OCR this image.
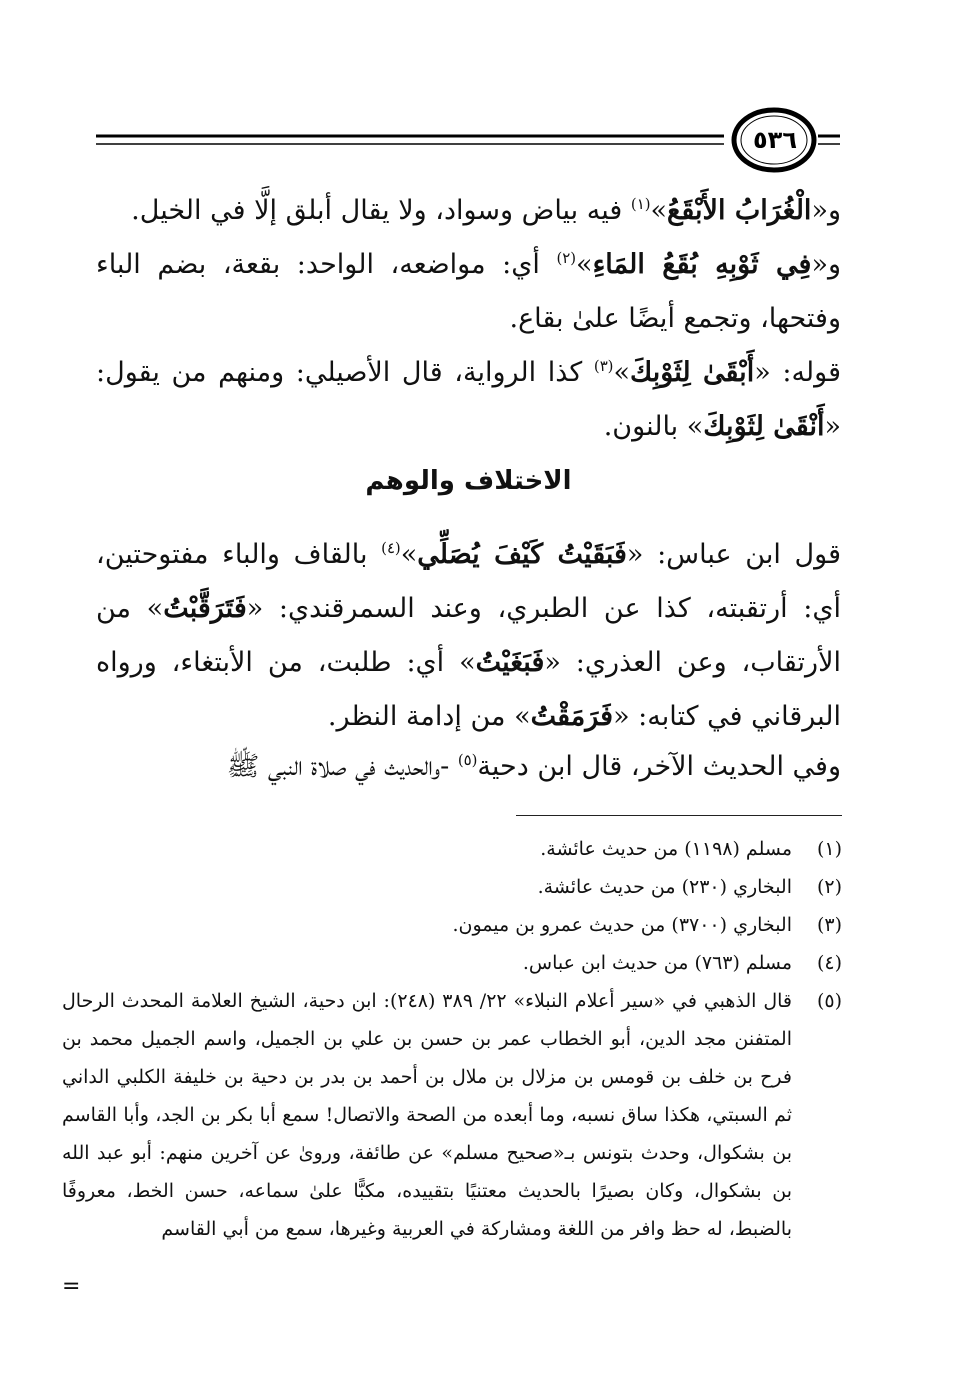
٥٣٦

و«الْغُرَابُ الأَبْقَعُ»$^{(١)}$ فيه بياض وسواد، ولا يقال أبلق إلَّا في الخيل.

و«فِي ثَوْبِهِ بُقَعُ المَاءِ»$^{(٢)}$ أي: مواضعه، الواحد: بقعة، بضم الباء وفتحها، وتجمع أيضًا علىٰ بقاع.

قوله: «أَبْقَىٰ لِثَوْبِكَ»$^{(٣)}$ كذا الرواية، قال الأصيلي: ومنهم من يقول: «أَنْقَىٰ لِثَوْبِكَ» بالنون.

الاختلاف والوهم

قول ابن عباس: «فَبَقَيْتُ كَيْفَ يُصَلِّي»$^{(٤)}$ بالقاف والباء مفتوحتين، أي: أرتقبته، كذا عن الطبري، وعند السمرقندي: «فَتَرَقَّبْتُ» من الأرتقاب، وعن العذري: «فَبَغَيْتُ» أي: طلبت، من الأبتغاء، ورواه البرقاني في كتابه: «فَرَمَقْتُ» من إدامة النظر.

وفي الحديث الآخر، قال ابن دحية$^{(٥)}$ -والحديث في صلاة النبي ﷺ

(١)
مسلم (١١٩٨) من حديث عائشة.
(٢)
البخاري (٢٣٠) من حديث عائشة.
(٣)
البخاري (٣٧٠٠) من حديث عمرو بن ميمون.
(٤)
مسلم (٧٦٣) من حديث ابن عباس.
(٥)
قال الذهبي في «سير أعلام النبلاء» ٢٢/ ٣٨٩ (٢٤٨): ابن دحية، الشيخ العلامة المحدث الرحال المتفنن مجد الدين، أبو الخطاب عمر بن حسن بن علي بن الجميل، واسم الجميل محمد بن فرح بن خلف بن قومس بن مزلال بن ملال بن أحمد بن بدر بن دحية بن خليفة الكلبي الداني ثم السبتي، هكذا ساق نسبه، وما أبعده من الصحة والاتصال! سمع أبا بكر بن الجد، وأبا القاسم بن بشكوال، وحدث بتونس بـ«صحيح مسلم» عن طائفة، وروىٰ عن آخرين منهم: أبو عبد الله بن بشكوال، وكان بصيرًا بالحديث معتنيًا بتقييده، مكبًّا علىٰ سماعه، حسن الخط، معروفًا بالضبط، له حظ وافر من اللغة ومشاركة في العربية وغيرها، سمع من أبي القاسم
=
